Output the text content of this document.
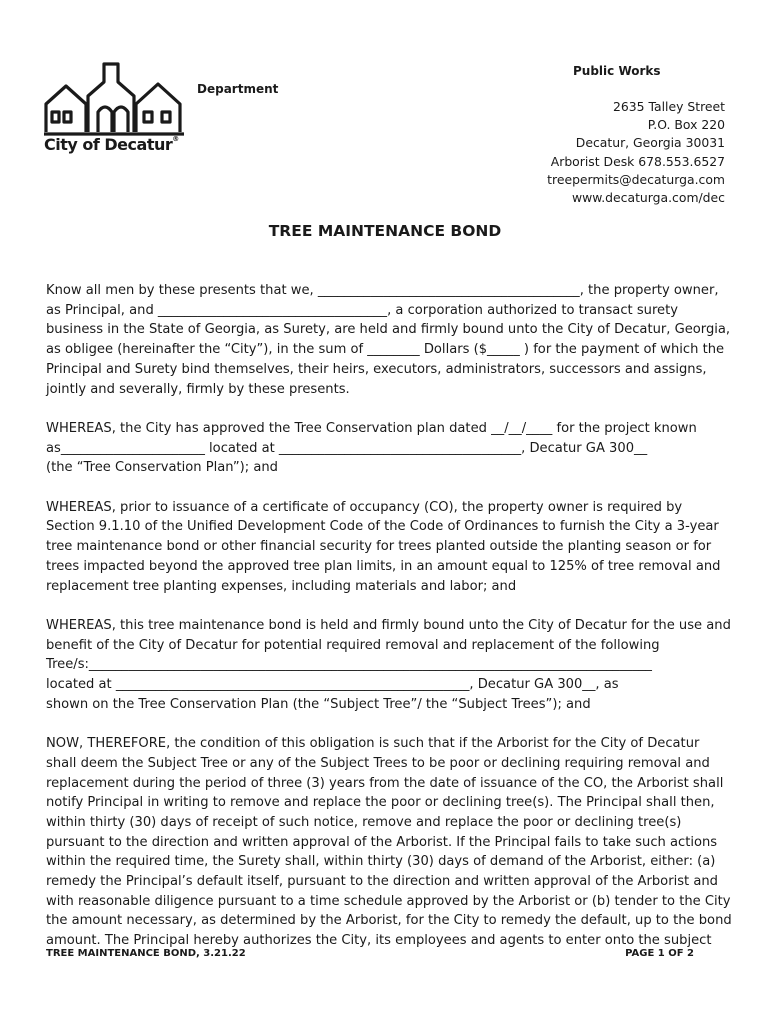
City of Decatur®
Public Works
Department
2635 Talley Street
P.O. Box 220
Decatur, Georgia 30031
Arborist Desk 678.553.6527
treepermits@decaturga.com
www.decaturga.com/dec
TREE MAINTENANCE BOND

Know all men by these presents that we, ________________________________________, the property owner,
as Principal, and ___________________________________, a corporation authorized to transact surety
business in the State of Georgia, as Surety, are held and firmly bound unto the City of Decatur, Georgia,
as obligee (hereinafter the “City”), in the sum of ________ Dollars ($_____ ) for the payment of which the
Principal and Surety bind themselves, their heirs, executors, administrators, successors and assigns,
jointly and severally, firmly by these presents.

WHEREAS, the City has approved the Tree Conservation plan dated __/__/____ for the project known
as______________________ located at _____________________________________, Decatur GA 300__
(the “Tree Conservation Plan”); and

WHEREAS, prior to issuance of a certificate of occupancy (CO), the property owner is required by
Section 9.1.10 of the Unified Development Code of the Code of Ordinances to furnish the City a 3-year
tree maintenance bond or other financial security for trees planted outside the planting season or for
trees impacted beyond the approved tree plan limits, in an amount equal to 125% of tree removal and
replacement tree planting expenses, including materials and labor; and

WHEREAS, this tree maintenance bond is held and firmly bound unto the City of Decatur for the use and
benefit of the City of Decatur for potential required removal and replacement of the following
Tree/s:______________________________________________________________________________________
located at ______________________________________________________, Decatur GA 300__, as
shown on the Tree Conservation Plan (the “Subject Tree”/ the “Subject Trees”); and

NOW, THEREFORE, the condition of this obligation is such that if the Arborist for the City of Decatur
shall deem the Subject Tree or any of the Subject Trees to be poor or declining requiring removal and
replacement during the period of three (3) years from the date of issuance of the CO, the Arborist shall
notify Principal in writing to remove and replace the poor or declining tree(s). The Principal shall then,
within thirty (30) days of receipt of such notice, remove and replace the poor or declining tree(s)
pursuant to the direction and written approval of the Arborist. If the Principal fails to take such actions
within the required time, the Surety shall, within thirty (30) days of demand of the Arborist, either: (a)
remedy the Principal’s default itself, pursuant to the direction and written approval of the Arborist and
with reasonable diligence pursuant to a time schedule approved by the Arborist or (b) tender to the City
the amount necessary, as determined by the Arborist, for the City to remedy the default, up to the bond
amount. The Principal hereby authorizes the City, its employees and agents to enter onto the subject

TREE MAINTENANCE BOND, 3.21.22	PAGE 1 OF 2
